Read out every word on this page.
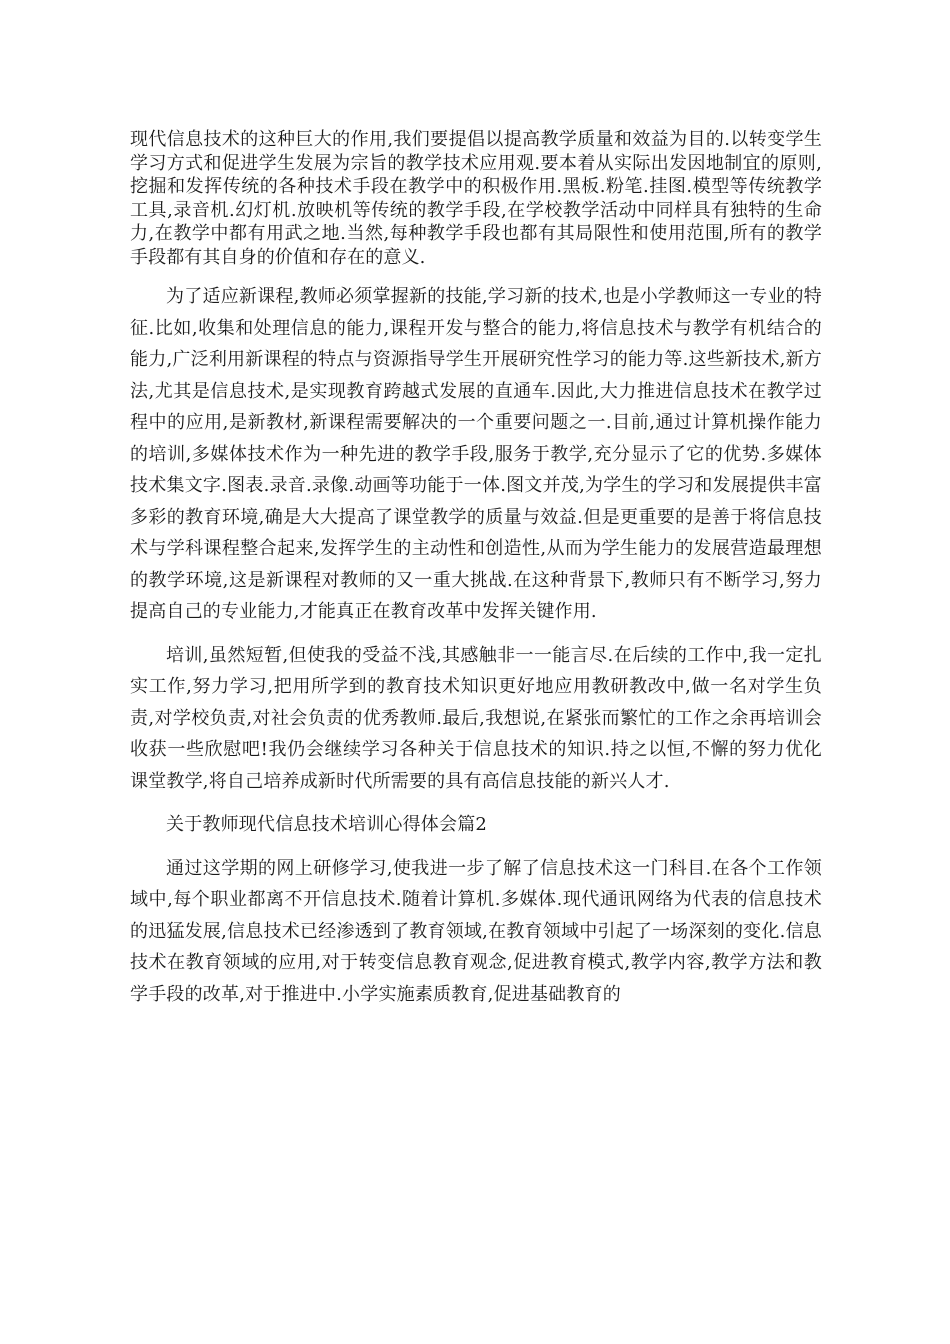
现代信息技术的这种巨大的作用,我们要提倡以提高教学质量和效益为目的.以转变学生学习方式和促进学生发展为宗旨的教学技术应用观.要本着从实际出发因地制宜的原则,挖掘和发挥传统的各种技术手段在教学中的积极作用.黑板.粉笔.挂图.模型等传统教学工具,录音机.幻灯机.放映机等传统的教学手段,在学校教学活动中同样具有独特的生命力,在教学中都有用武之地.当然,每种教学手段也都有其局限性和使用范围,所有的教学手段都有其自身的价值和存在的意义.

为了适应新课程,教师必须掌握新的技能,学习新的技术,也是小学教师这一专业的特征.比如,收集和处理信息的能力,课程开发与整合的能力,将信息技术与教学有机结合的能力,广泛利用新课程的特点与资源指导学生开展研究性学习的能力等.这些新技术,新方法,尤其是信息技术,是实现教育跨越式发展的直通车.因此,大力推进信息技术在教学过程中的应用,是新教材,新课程需要解决的一个重要问题之一.目前,通过计算机操作能力的培训,多媒体技术作为一种先进的教学手段,服务于教学,充分显示了它的优势.多媒体技术集文字.图表.录音.录像.动画等功能于一体.图文并茂,为学生的学习和发展提供丰富多彩的教育环境,确是大大提高了课堂教学的质量与效益.但是更重要的是善于将信息技术与学科课程整合起来,发挥学生的主动性和创造性,从而为学生能力的发展营造最理想的教学环境,这是新课程对教师的又一重大挑战.在这种背景下,教师只有不断学习,努力提高自己的专业能力,才能真正在教育改革中发挥关键作用.

培训,虽然短暂,但使我的受益不浅,其感触非一一能言尽.在后续的工作中,我一定扎实工作,努力学习,把用所学到的教育技术知识更好地应用教研教改中,做一名对学生负责,对学校负责,对社会负责的优秀教师.最后,我想说,在紧张而繁忙的工作之余再培训会收获一些欣慰吧!我仍会继续学习各种关于信息技术的知识.持之以恒,不懈的努力优化课堂教学,将自己培养成新时代所需要的具有高信息技能的新兴人才.

关于教师现代信息技术培训心得体会篇2

通过这学期的网上研修学习,使我进一步了解了信息技术这一门科目.在各个工作领域中,每个职业都离不开信息技术.随着计算机.多媒体.现代通讯网络为代表的信息技术的迅猛发展,信息技术已经渗透到了教育领域,在教育领域中引起了一场深刻的变化.信息技术在教育领域的应用,对于转变信息教育观念,促进教育模式,教学内容,教学方法和教学手段的改革,对于推进中.小学实施素质教育,促进基础教育的
